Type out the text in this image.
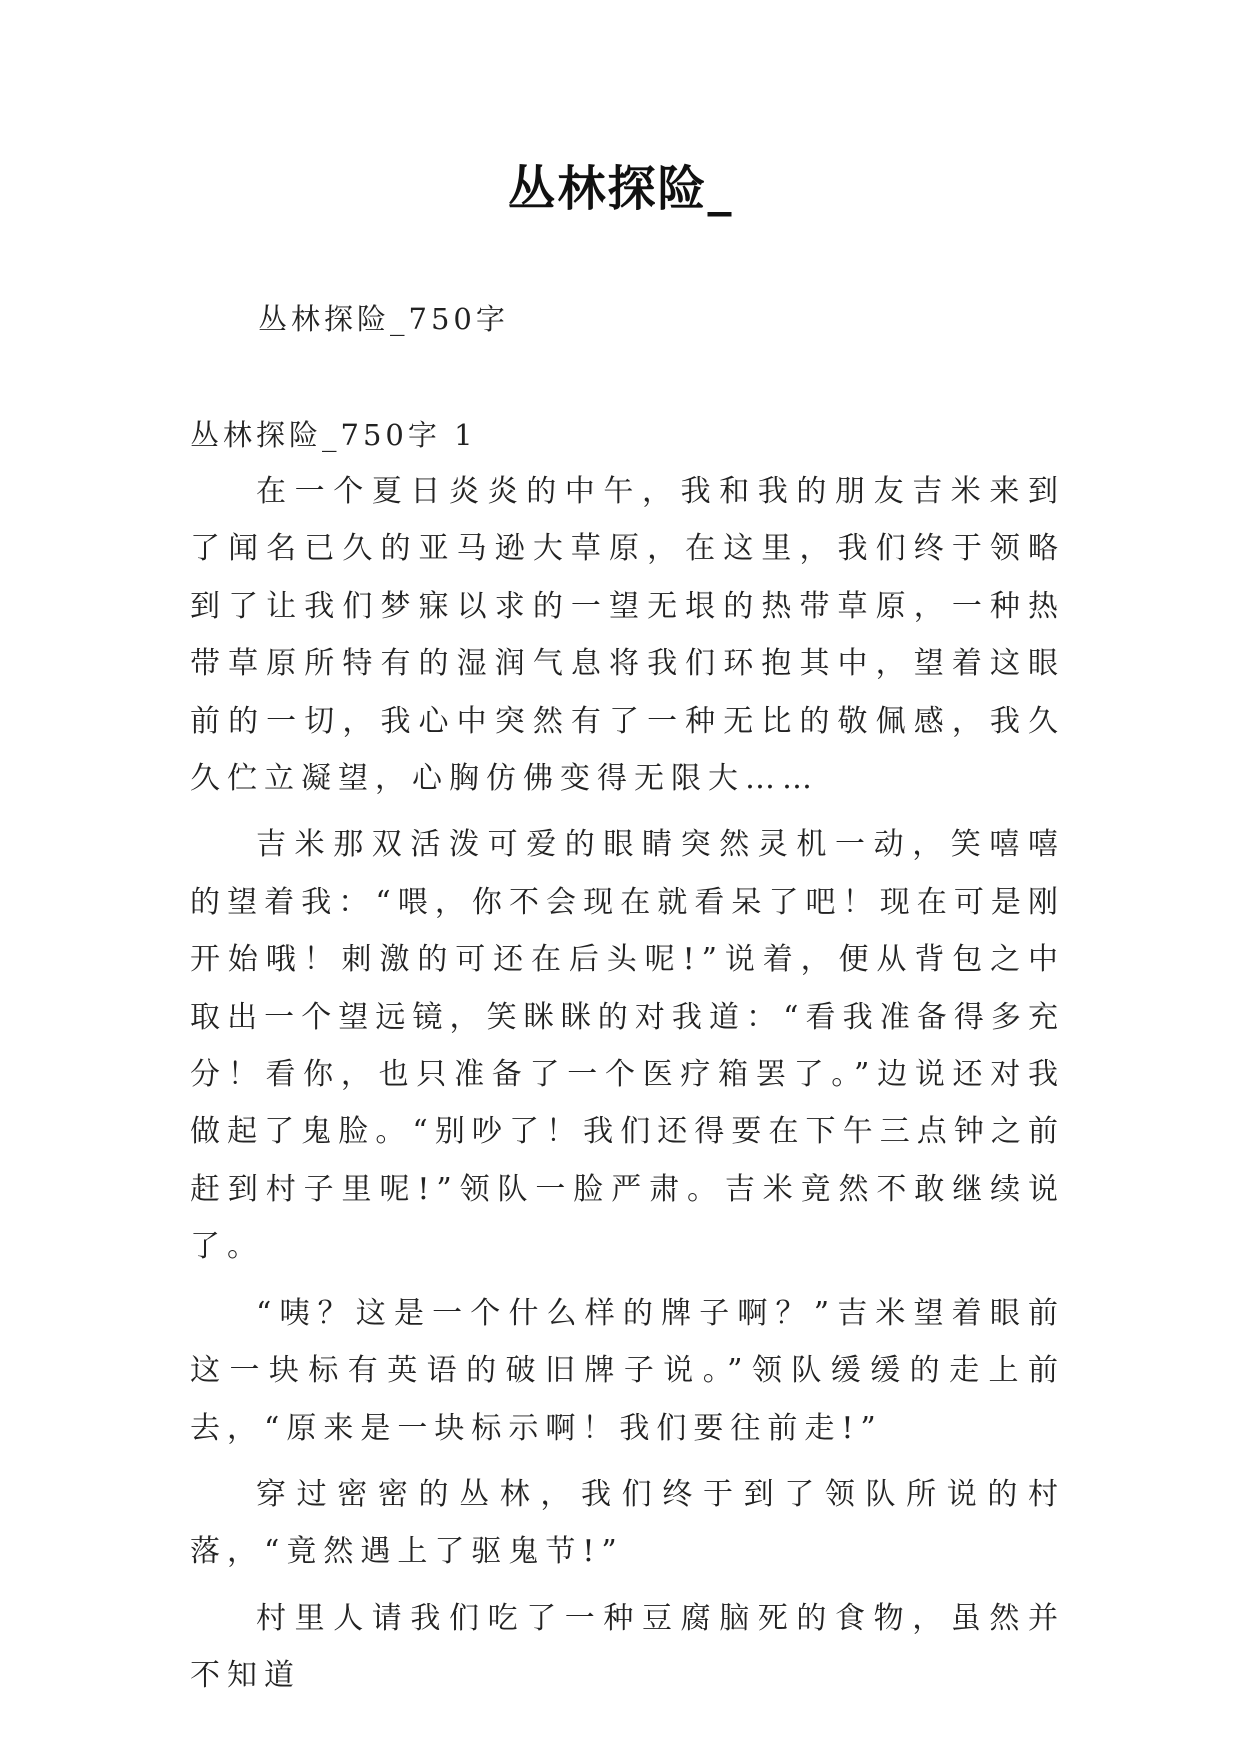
丛林探险_
丛林探险_750字
丛林探险_750字 1

在一个夏日炎炎的中午，我和我的朋友吉米来到了闻名已久的亚马逊大草原，在这里，我们终于领略到了让我们梦寐以求的一望无垠的热带草原，一种热带草原所特有的湿润气息将我们环抱其中，望着这眼前的一切，我心中突然有了一种无比的敬佩感，我久久伫立凝望，心胸仿佛变得无限大……

吉米那双活泼可爱的眼睛突然灵机一动，笑嘻嘻的望着我：“喂，你不会现在就看呆了吧！现在可是刚开始哦！刺激的可还在后头呢!”说着，便从背包之中取出一个望远镜，笑眯眯的对我道：“看我准备得多充分！看你，也只准备了一个医疗箱罢了。”边说还对我做起了鬼脸。“别吵了！我们还得要在下午三点钟之前赶到村子里呢!”领队一脸严肃。吉米竟然不敢继续说了。

“咦？这是一个什么样的牌子啊？”吉米望着眼前这一块标有英语的破旧牌子说。”领队缓缓的走上前去，“原来是一块标示啊！我们要往前走!”

穿过密密的丛林，我们终于到了领队所说的村落，“竟然遇上了驱鬼节!”

村里人请我们吃了一种豆腐脑死的食物，虽然并不知道
